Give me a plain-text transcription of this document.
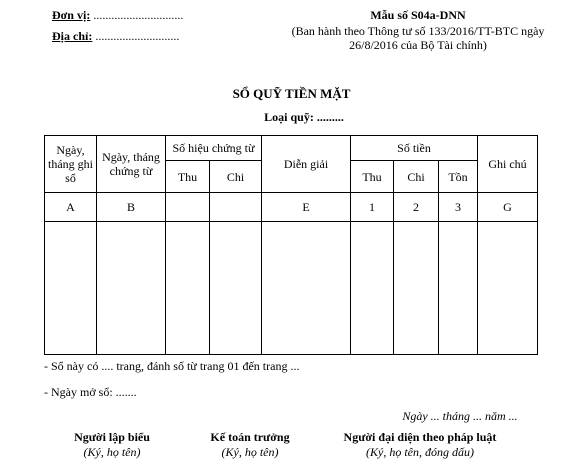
Đơn vị: ..............................
Địa chỉ: ............................
Mẫu số S04a-DNN
(Ban hành theo Thông tư số 133/2016/TT-BTC ngày
26/8/2016 của Bộ Tài chính)
SỔ QUỸ TIỀN MẶT
Loại quỹ: .........
Ngày, tháng ghi sổ	Ngày, tháng chứng từ	Số hiệu chứng từ		Diễn giải	Số tiền			Ghi chú
		Thu	Chi		Thu	Chi	Tồn	
A	B			E	1	2	3	G

- Sổ này có .... trang, đánh số từ trang 01 đến trang ...
- Ngày mở sổ: .......
Ngày ... tháng ... năm ...
Người lập biểu
(Ký, họ tên)
Kế toán trưởng
(Ký, họ tên)
Người đại diện theo pháp luật
(Ký, họ tên, đóng dấu)
